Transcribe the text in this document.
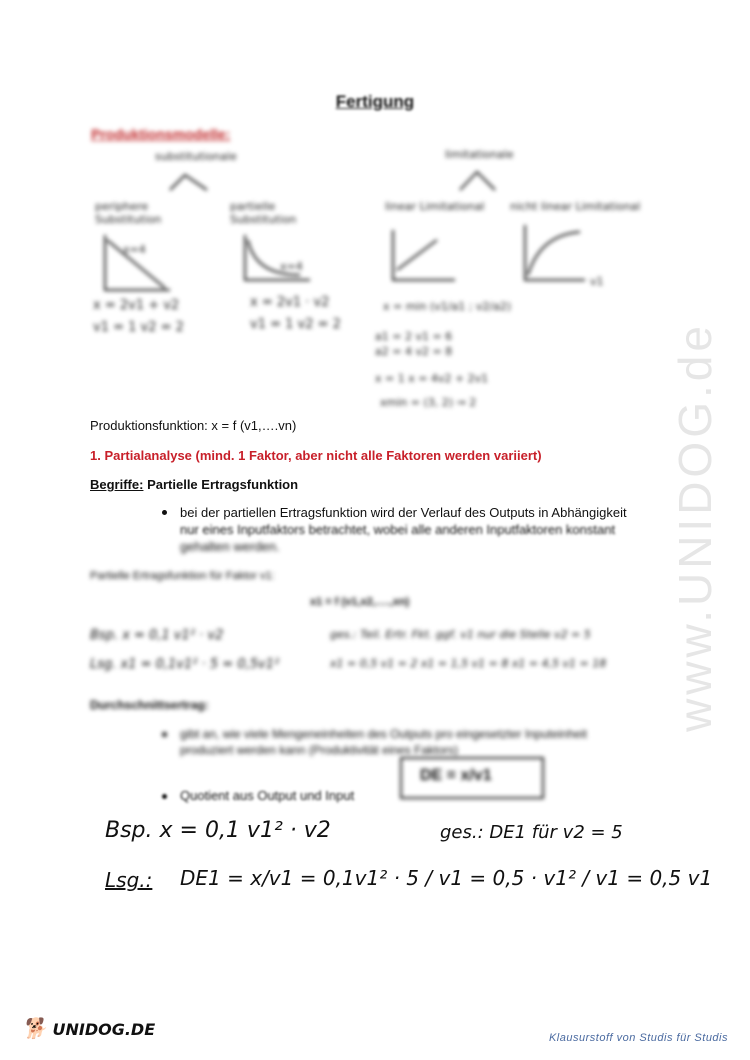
www.UNIDOG.de
Fertigung
Produktionsmodelle:
substitutionale	limitationale
periphere Substitution
partielle Substitution
linear Limitational nicht linear Limitational
x=4
x=4
v1
x = 2v1 + v2
v1 = 1 v2 = 2
x = 2v1 · v2
v1 = 1 v2 = 2
x = min (v1/a1 ; v2/a2)
a1 = 2 v1 = 6
a2 = 4 v2 = 8
x = 1 x = 4v2 + 2v1
xmin = (3, 2) ⇒ 2
Produktionsfunktion: x = f (v1,….vn)
1. Partialanalyse (mind. 1 Faktor, aber nicht alle Faktoren werden variiert)
Begriffe: Partielle Ertragsfunktion
bei der partiellen Ertragsfunktion wird der Verlauf des Outputs in Abhängigkeit
nur eines Inputfaktors betrachtet, wobei alle anderen Inputfaktoren konstant
gehalten werden.
Partielle Ertragsfunktion für Faktor v1:
x1 = f (v1,x2,….,xn)
Bsp. x = 0,1 v1² · v2	ges.: Teil. Ertr. Fkt. ggf. v1 nur die Stelle v2 = 5
Lsg. x1 = 0,1v1² · 5 = 0,5v1²	x1 = 0,5 v1 = 2 x1 = 1,5 v1 = 8 x1 = 4,5 v1 = 18
Durchschnittsertrag:
gibt an, wie viele Mengeneinheiten des Outputs pro eingesetzter Inputeinheit
produziert werden kann (Produktivität eines Faktors)
DE = x/v1
Quotient aus Output und Input
Bsp. x = 0,1 v1² · v2	ges.: DE1 für v2 = 5
Lsg.: DE1 = x/v1 = 0,1v1² · 5 / v1 = 0,5 · v1² / v1 = 0,5 v1
🐕 UNIDOG.DE	Klausurstoff von Studis für Studis
